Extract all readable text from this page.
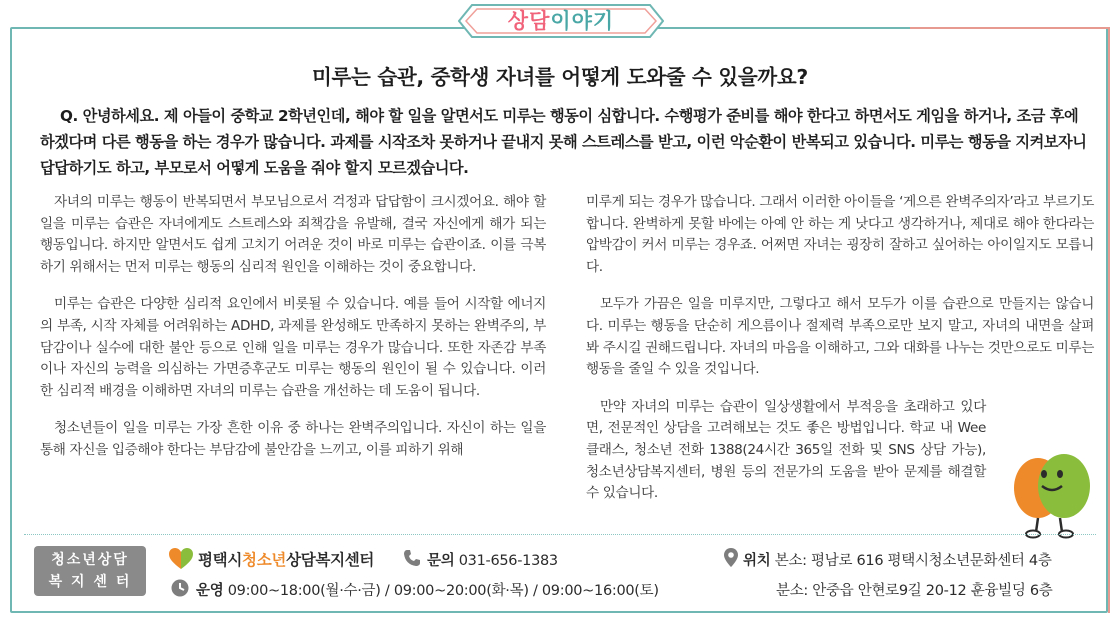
상담이야기
미루는 습관, 중학생 자녀를 어떻게 도와줄 수 있을까요?
Q. 안녕하세요. 제 아들이 중학교 2학년인데, 해야 할 일을 알면서도 미루는 행동이 심합니다. 수행평가 준비를 해야 한다고 하면서도 게임을 하거나, 조금 후에 하겠다며 다른 행동을 하는 경우가 많습니다. 과제를 시작조차 못하거나 끝내지 못해 스트레스를 받고, 이런 악순환이 반복되고 있습니다. 미루는 행동을 지켜보자니 답답하기도 하고, 부모로서 어떻게 도움을 줘야 할지 모르겠습니다.

자녀의 미루는 행동이 반복되면서 부모님으로서 걱정과 답답함이 크시겠어요. 해야 할 일을 미루는 습관은 자녀에게도 스트레스와 죄책감을 유발해, 결국 자신에게 해가 되는 행동입니다. 하지만 알면서도 쉽게 고치기 어려운 것이 바로 미루는 습관이죠. 이를 극복하기 위해서는 먼저 미루는 행동의 심리적 원인을 이해하는 것이 중요합니다.

미루는 습관은 다양한 심리적 요인에서 비롯될 수 있습니다. 예를 들어 시작할 에너지의 부족, 시작 자체를 어려워하는 ADHD, 과제를 완성해도 만족하지 못하는 완벽주의, 부담감이나 실수에 대한 불안 등으로 인해 일을 미루는 경우가 많습니다. 또한 자존감 부족이나 자신의 능력을 의심하는 가면증후군도 미루는 행동의 원인이 될 수 있습니다. 이러한 심리적 배경을 이해하면 자녀의 미루는 습관을 개선하는 데 도움이 됩니다.

청소년들이 일을 미루는 가장 흔한 이유 중 하나는 완벽주의입니다. 자신이 하는 일을 통해 자신을 입증해야 한다는 부담감에 불안감을 느끼고, 이를 피하기 위해

미루게 되는 경우가 많습니다. 그래서 이러한 아이들을 ‘게으른 완벽주의자’라고 부르기도 합니다. 완벽하게 못할 바에는 아예 안 하는 게 낫다고 생각하거나, 제대로 해야 한다라는 압박감이 커서 미루는 경우죠. 어쩌면 자녀는 굉장히 잘하고 싶어하는 아이일지도 모릅니다.

모두가 가끔은 일을 미루지만, 그렇다고 해서 모두가 이를 습관으로 만들지는 않습니다. 미루는 행동을 단순히 게으름이나 절제력 부족으로만 보지 말고, 자녀의 내면을 살펴봐 주시길 권해드립니다. 자녀의 마음을 이해하고, 그와 대화를 나누는 것만으로도 미루는 행동을 줄일 수 있을 것입니다.

만약 자녀의 미루는 습관이 일상생활에서 부적응을 초래하고 있다면, 전문적인 상담을 고려해보는 것도 좋은 방법입니다. 학교 내 Wee 클래스, 청소년 전화 1388(24시간 365일 전화 및 SNS 상담 가능), 청소년상담복지센터, 병원 등의 전문가의 도움을 받아 문제를 해결할 수 있습니다.

청소년상담
복 지 센 터
평택시청소년상담복지센터	문의 031-656-1383
운영 09:00~18:00(월·수·금) / 09:00~20:00(화·목) / 09:00~16:00(토)
위치 본소: 평남로 616 평택시청소년문화센터 4층
분소: 안중읍 안현로9길 20-12 훈융빌딩 6층
